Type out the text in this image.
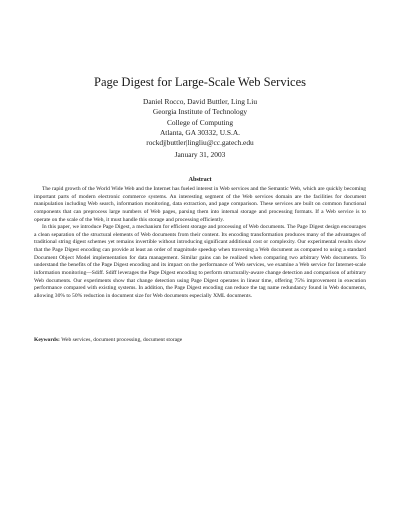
Page Digest for Large-Scale Web Services
Daniel Rocco, David Buttler, Ling Liu
Georgia Institute of Technology
College of Computing
Atlanta, GA 30332, U.S.A.
rockdj|buttler|lingliu@cc.gatech.edu
January 31, 2003
Abstract

The rapid growth of the World Wide Web and the Internet has fueled interest in Web services and the Semantic Web, which are quickly becoming important parts of modern electronic commerce systems. An interesting segment of the Web services domain are the facilities for document manipulation including Web search, information monitoring, data extraction, and page comparison. These services are built on common functional components that can preprocess large numbers of Web pages, parsing them into internal storage and processing formats. If a Web service is to operate on the scale of the Web, it must handle this storage and processing efficiently.

In this paper, we introduce Page Digest, a mechanism for efficient storage and processing of Web documents. The Page Digest design encourages a clean separation of the structural elements of Web documents from their content. Its encoding transformation produces many of the advantages of traditional string digest schemes yet remains invertible without introducing significant additional cost or complexity. Our experimental results show that the Page Digest encoding can provide at least an order of magnitude speedup when traversing a Web document as compared to using a standard Document Object Model implementation for data management. Similar gains can be realized when comparing two arbitrary Web documents. To understand the benefits of the Page Digest encoding and its impact on the performance of Web services, we examine a Web service for Internet-scale information monitoring—Sdiff. Sdiff leverages the Page Digest encoding to perform structurally-aware change detection and comparison of arbitrary Web documents. Our experiments show that change detection using Page Digest operates in linear time, offering 75% improvement in execution performance compared with existing systems. In addition, the Page Digest encoding can reduce the tag name redundancy found in Web documents, allowing 30% to 50% reduction in document size for Web documents especially XML documents.

Keywords: Web services, document processing, document storage
